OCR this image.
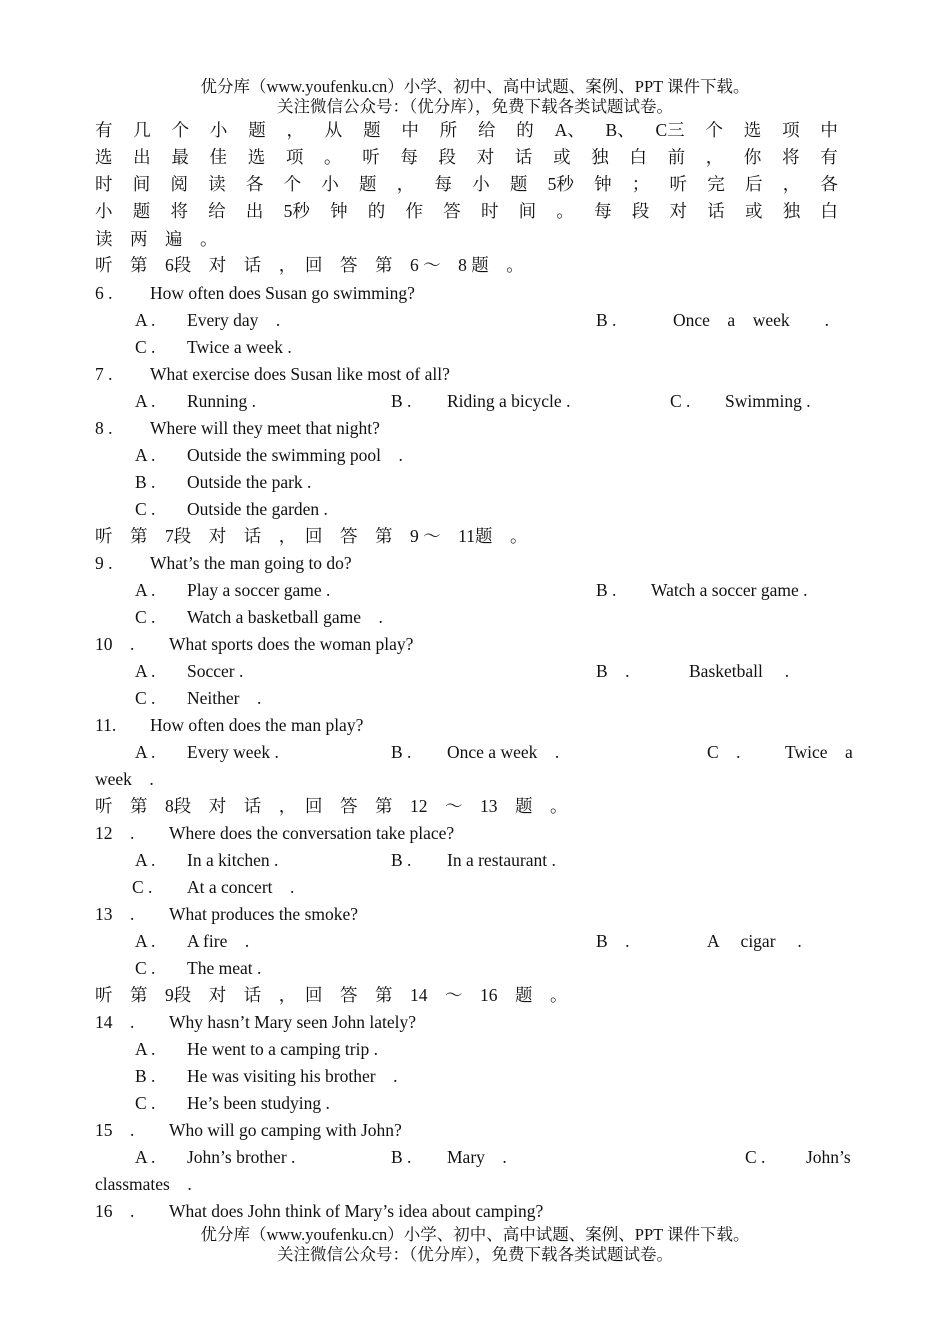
优分库（www.youfenku.cn）小学、初中、高中试题、案例、PPT 课件下载。
关注微信公众号：（优分库），免费下载各类试题试卷。
有 几 个 小 题 ， 从 题 中 所 给 的 A、 B、 C三 个 选 项 中
选 出 最 佳 选 项 。 听 每 段 对 话 或 独 白 前 ， 你 将 有
时 间 阅 读 各 个 小 题 ， 每 小 题 5秒 钟 ； 听 完 后 ， 各
小 题 将 给 出 5秒 钟 的 作 答 时 间 。 每 段 对 话 或 独 白
读　两　遍　。
听　第　6段　对　话　，　回　答　第　6 ～　8 题　。
6 . How often does Susan go swimming?
A . Every day　.	B .	Once　a　week　　.
C . Twice a week .
7 . What exercise does Susan like most of all?
A . Running .	B . Riding a bicycle .	C . Swimming .
8 . Where will they meet that night?
A . Outside the swimming pool　.
B . Outside the park .
C . Outside the garden .
听　第　7段　对　话　，　回　答　第　9 ～　11题　。
9 . What’s the man going to do?
A . Play a soccer game .	B . Watch a soccer game .
C . Watch a basketball game　.
10　. What sports does the woman play?
A . Soccer .	B　.	Basketball　 .
C . Neither　.
11. How often does the man play?
A . Every week .	B . Once a week　.	C　.	Twice　a
week　.
听　第　8段　对　话　，　回　答　第　12　～　13　题　。
12　. Where does the conversation take place?
A . In a kitchen .	B . In a restaurant .
C . At a concert　.
13　. What produces the smoke?
A . A fire　.	B　.	A　 cigar　 .
C . The meat .
听　第　9段　对　话　，　回　答　第　14　～　16　题　。
14　. Why hasn’t Mary seen John lately?
A . He went to a camping trip .
B . He was visiting his brother　.
C . He’s been studying .
15　. Who will go camping with John?
A . John’s brother .	B . Mary　.	C . John’s
classmates　.
16　. What does John think of Mary’s idea about camping?
优分库（www.youfenku.cn）小学、初中、高中试题、案例、PPT 课件下载。
关注微信公众号：（优分库），免费下载各类试题试卷。
